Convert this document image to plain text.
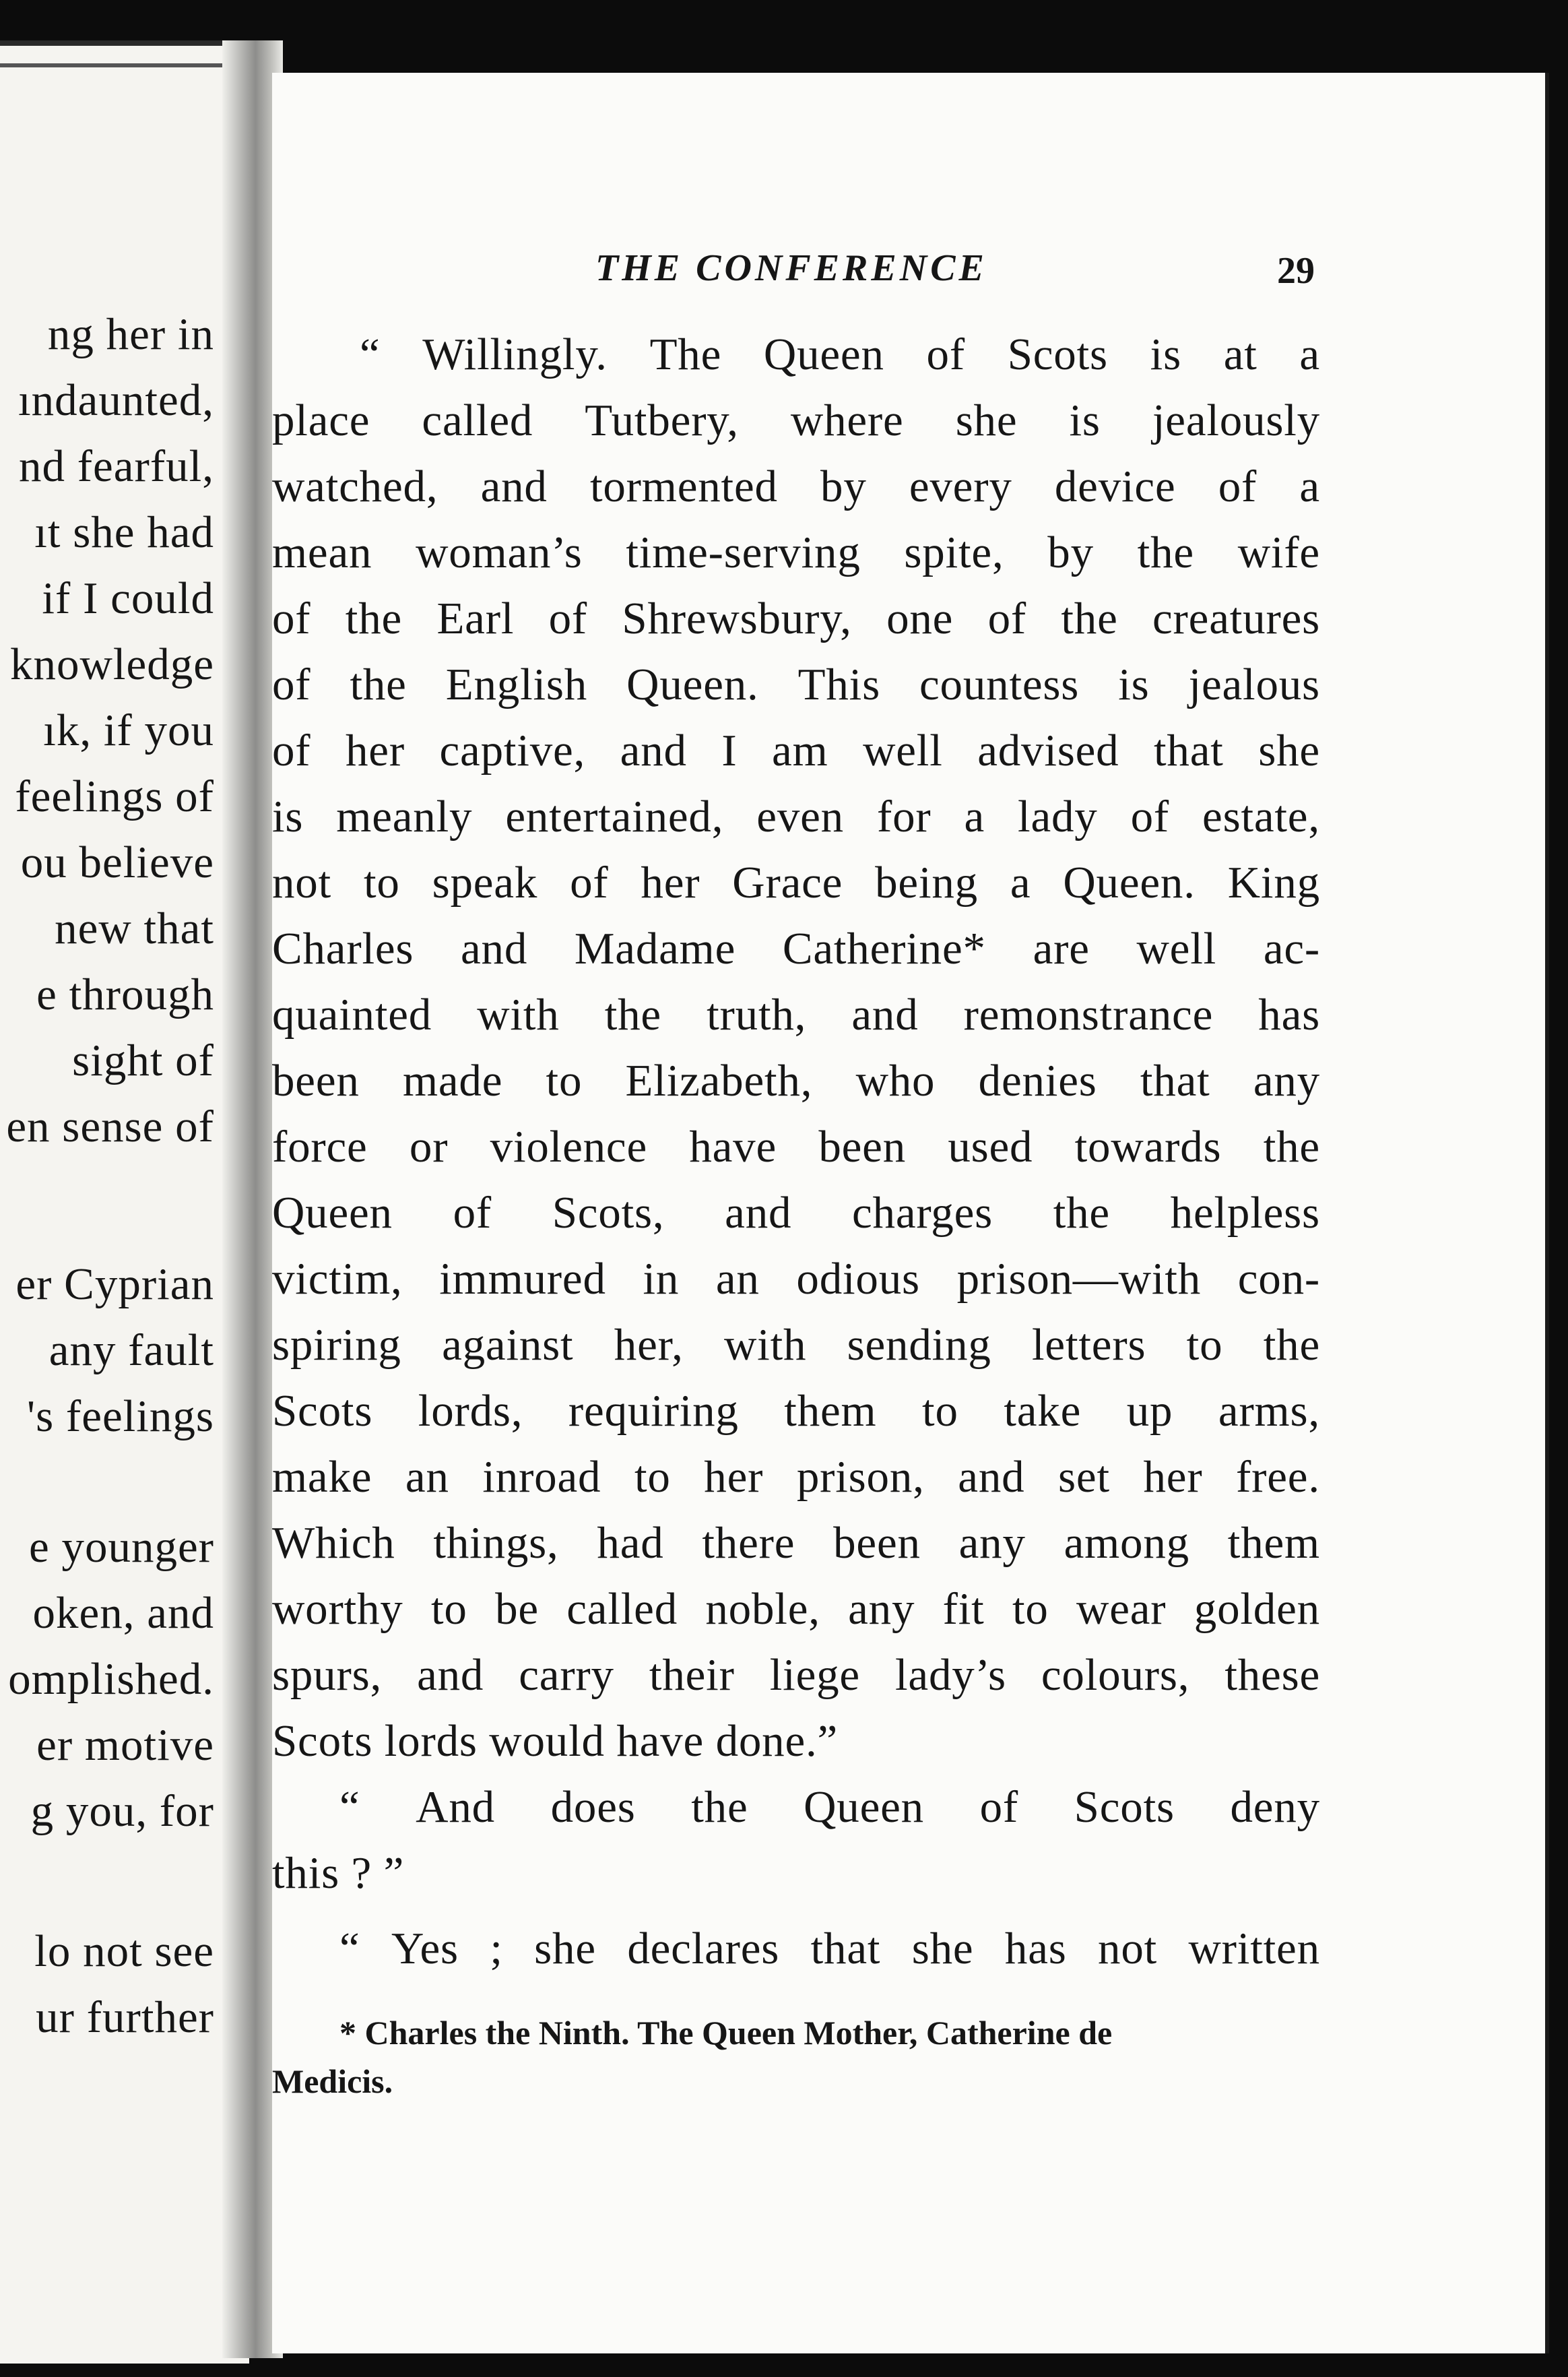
ng her in
ındaunted,
nd fearful,
ıt she had
if I could
knowledge
ık, if you
feelings of
ou believe
new that
e through
sight of
en sense of
er Cyprian
any fault
's feelings
e younger
oken, and
omplished.
er motive
g you, for
lo not see
ur further
THE CONFERENCE	29
“ Willingly. The Queen of Scots is at a
place called Tutbery, where she is jealously
watched, and tormented by every device of a
mean woman’s time-serving spite, by the wife
of the Earl of Shrewsbury, one of the creatures
of the English Queen. This countess is jealous
of her captive, and I am well advised that she
is meanly entertained, even for a lady of estate,
not to speak of her Grace being a Queen. King
Charles and Madame Catherine* are well ac-
quainted with the truth, and remonstrance has
been made to Elizabeth, who denies that any
force or violence have been used towards the
Queen of Scots, and charges the helpless
victim, immured in an odious prison—with con-
spiring against her, with sending letters to the
Scots lords, requiring them to take up arms,
make an inroad to her prison, and set her free.
Which things, had there been any among them
worthy to be called noble, any fit to wear golden
spurs, and carry their liege lady’s colours, these
Scots lords would have done.”
“ And does the Queen of Scots deny
this ? ”
“ Yes ; she declares that she has not written
* Charles the Ninth. The Queen Mother, Catherine de
Medicis.
